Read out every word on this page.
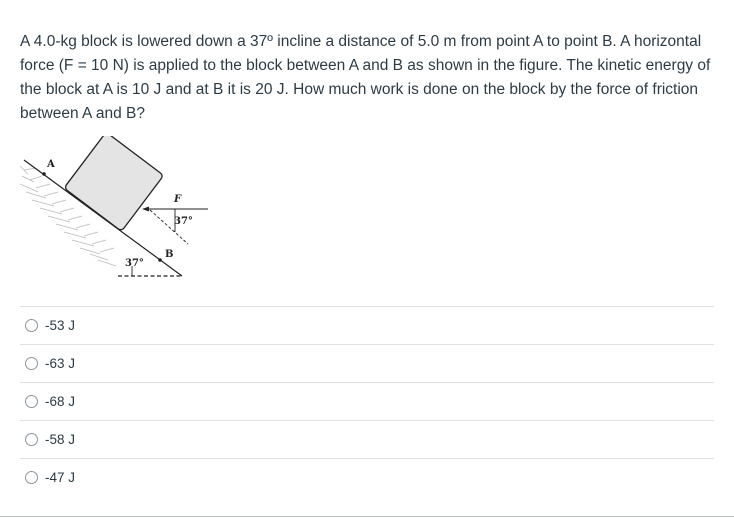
A 4.0-kg block is lowered down a 37º incline a distance of 5.0 m from point A to point B. A horizontal force (F = 10 N) is applied to the block between A and B as shown in the figure. The kinetic energy of the block at A is 10 J and at B it is 20 J. How much work is done on the block by the force of friction between A and B?

A
F
37°
B
37°
-53 J
-63 J
-68 J
-58 J
-47 J
